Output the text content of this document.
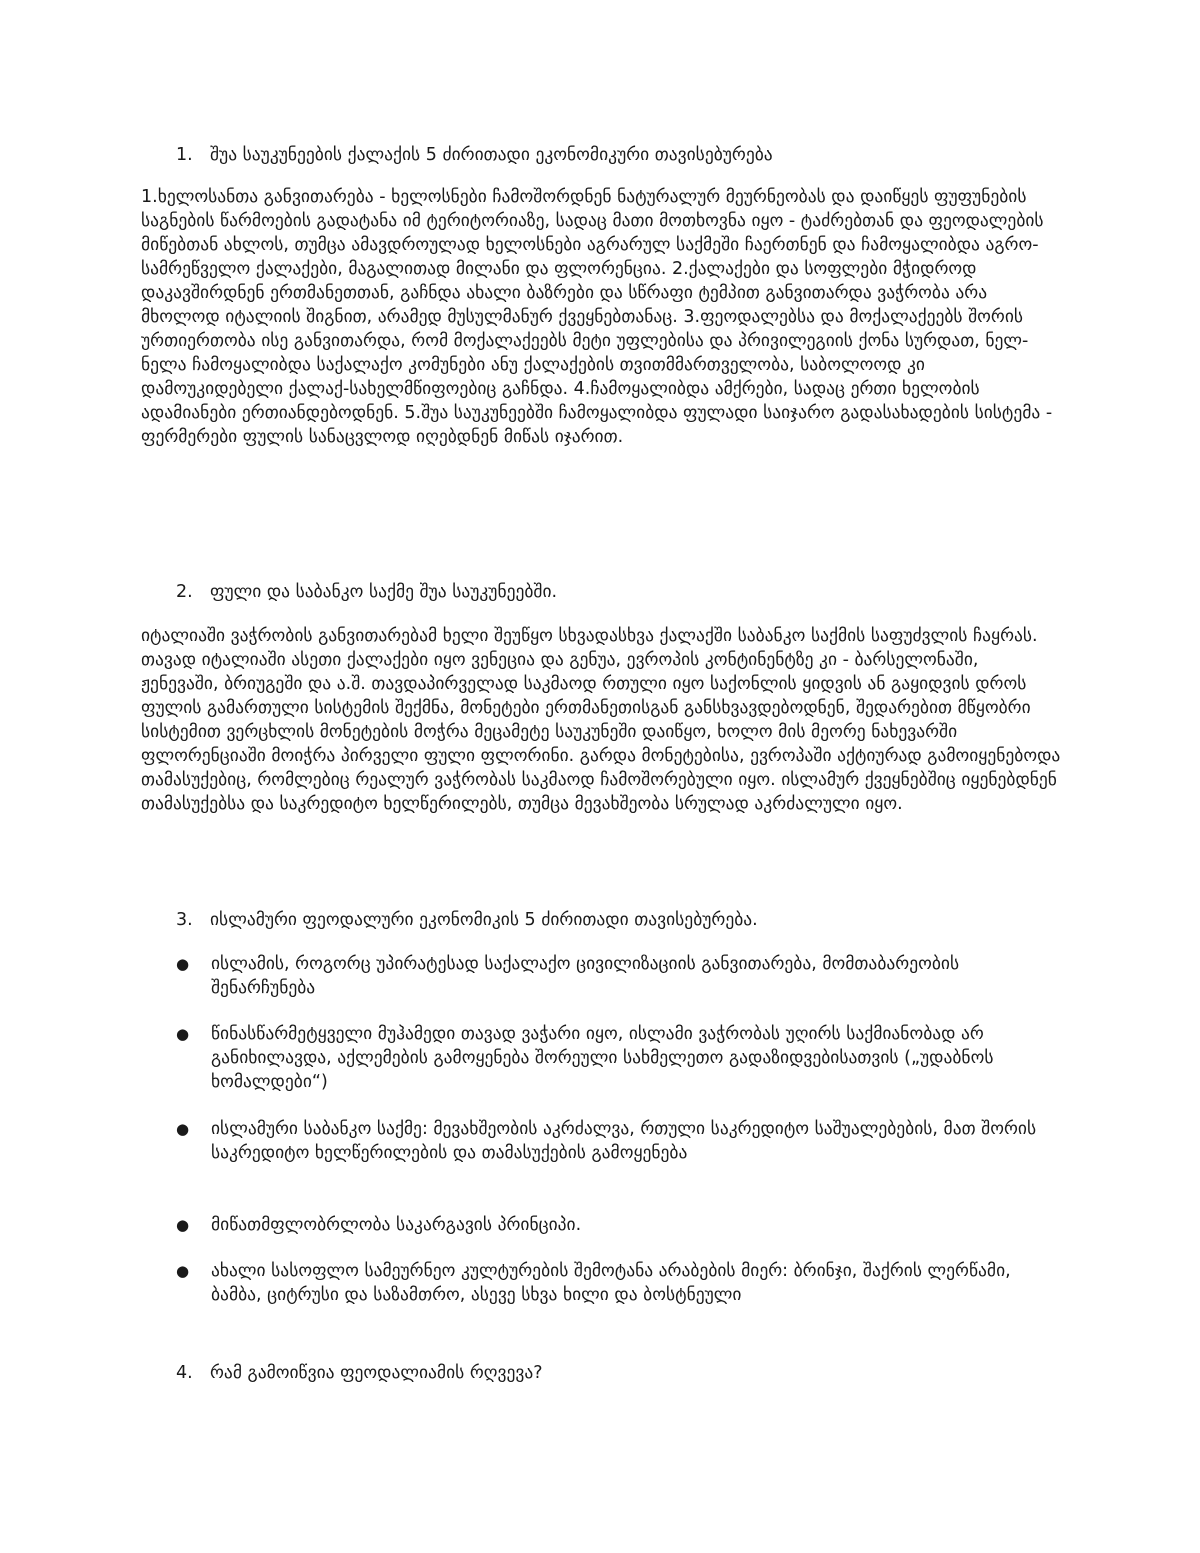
1. შუა საუკუნეების ქალაქის 5 ძირითადი ეკონომიკური თავისებურება

1.ხელოსანთა განვითარება - ხელოსნები ჩამოშორდნენ ნატურალურ მეურნეობას და დაიწყეს ფუფუნების საგნების წარმოების გადატანა იმ ტერიტორიაზე, სადაც მათი მოთხოვნა იყო - ტაძრებთან და ფეოდალების მიწებთან ახლოს, თუმცა ამავდროულად ხელოსნები აგრარულ საქმეში ჩაერთნენ და ჩამოყალიბდა აგრო-სამრეწველო ქალაქები, მაგალითად მილანი და ფლორენცია. 2.ქალაქები და სოფლები მჭიდროდ დაკავშირდნენ ერთმანეთთან, გაჩნდა ახალი ბაზრები და სწრაფი ტემპით განვითარდა ვაჭრობა არა მხოლოდ იტალიის შიგნით, არამედ მუსულმანურ ქვეყნებთანაც. 3.ფეოდალებსა და მოქალაქეებს შორის ურთიერთობა ისე განვითარდა, რომ მოქალაქეებს მეტი უფლებისა და პრივილეგიის ქონა სურდათ, ნელ-ნელა ჩამოყალიბდა საქალაქო კომუნები ანუ ქალაქების თვითმმართველობა, საბოლოოდ კი დამოუკიდებელი ქალაქ-სახელმწიფოებიც გაჩნდა. 4.ჩამოყალიბდა ამქრები, სადაც ერთი ხელობის ადამიანები ერთიანდებოდნენ. 5.შუა საუკუნეებში ჩამოყალიბდა ფულადი საიჯარო გადასახადების სისტემა - ფერმერები ფულის სანაცვლოდ იღებდნენ მიწას იჯარით.

2. ფული და საბანკო საქმე შუა საუკუნეებში.

იტალიაში ვაჭრობის განვითარებამ ხელი შეუწყო სხვადასხვა ქალაქში საბანკო საქმის საფუძვლის ჩაყრას. თავად იტალიაში ასეთი ქალაქები იყო ვენეცია და გენუა, ევროპის კონტინენტზე კი - ბარსელონაში, ჟენევაში, ბრიუგეში და ა.შ. თავდაპირველად საკმაოდ რთული იყო საქონლის ყიდვის ან გაყიდვის დროს ფულის გამართული სისტემის შექმნა, მონეტები ერთმანეთისგან განსხვავდებოდნენ, შედარებით მწყობრი სისტემით ვერცხლის მონეტების მოჭრა მეცამეტე საუკუნეში დაიწყო, ხოლო მის მეორე ნახევარში ფლორენციაში მოიჭრა პირველი ფული ფლორინი. გარდა მონეტებისა, ევროპაში აქტიურად გამოიყენებოდა თამასუქებიც, რომლებიც რეალურ ვაჭრობას საკმაოდ ჩამოშორებული იყო. ისლამურ ქვეყნებშიც იყენებდნენ თამასუქებსა და საკრედიტო ხელწერილებს, თუმცა მევახშეობა სრულად აკრძალული იყო.

3. ისლამური ფეოდალური ეკონომიკის 5 ძირითადი თავისებურება.

● ისლამის, როგორც უპირატესად საქალაქო ცივილიზაციის განვითარება, მომთაბარეობის შენარჩუნება
● წინასწარმეტყველი მუჰამედი თავად ვაჭარი იყო, ისლამი ვაჭრობას უღირს საქმიანობად არ განიხილავდა, აქლემების გამოყენება შორეული სახმელეთო გადაზიდვებისათვის („უდაბნოს ხომალდები“)
● ისლამური საბანკო საქმე: მევახშეობის აკრძალვა, რთული საკრედიტო საშუალებების, მათ შორის საკრედიტო ხელწერილების და თამასუქების გამოყენება
● მიწათმფლობრლობა საკარგავის პრინციპი.
● ახალი სასოფლო სამეურნეო კულტურების შემოტანა არაბების მიერ: ბრინჯი, შაქრის ლერწამი, ბამბა, ციტრუსი და საზამთრო, ასევე სხვა ხილი და ბოსტნეული

4. რამ გამოიწვია ფეოდალიამის რღვევა?
